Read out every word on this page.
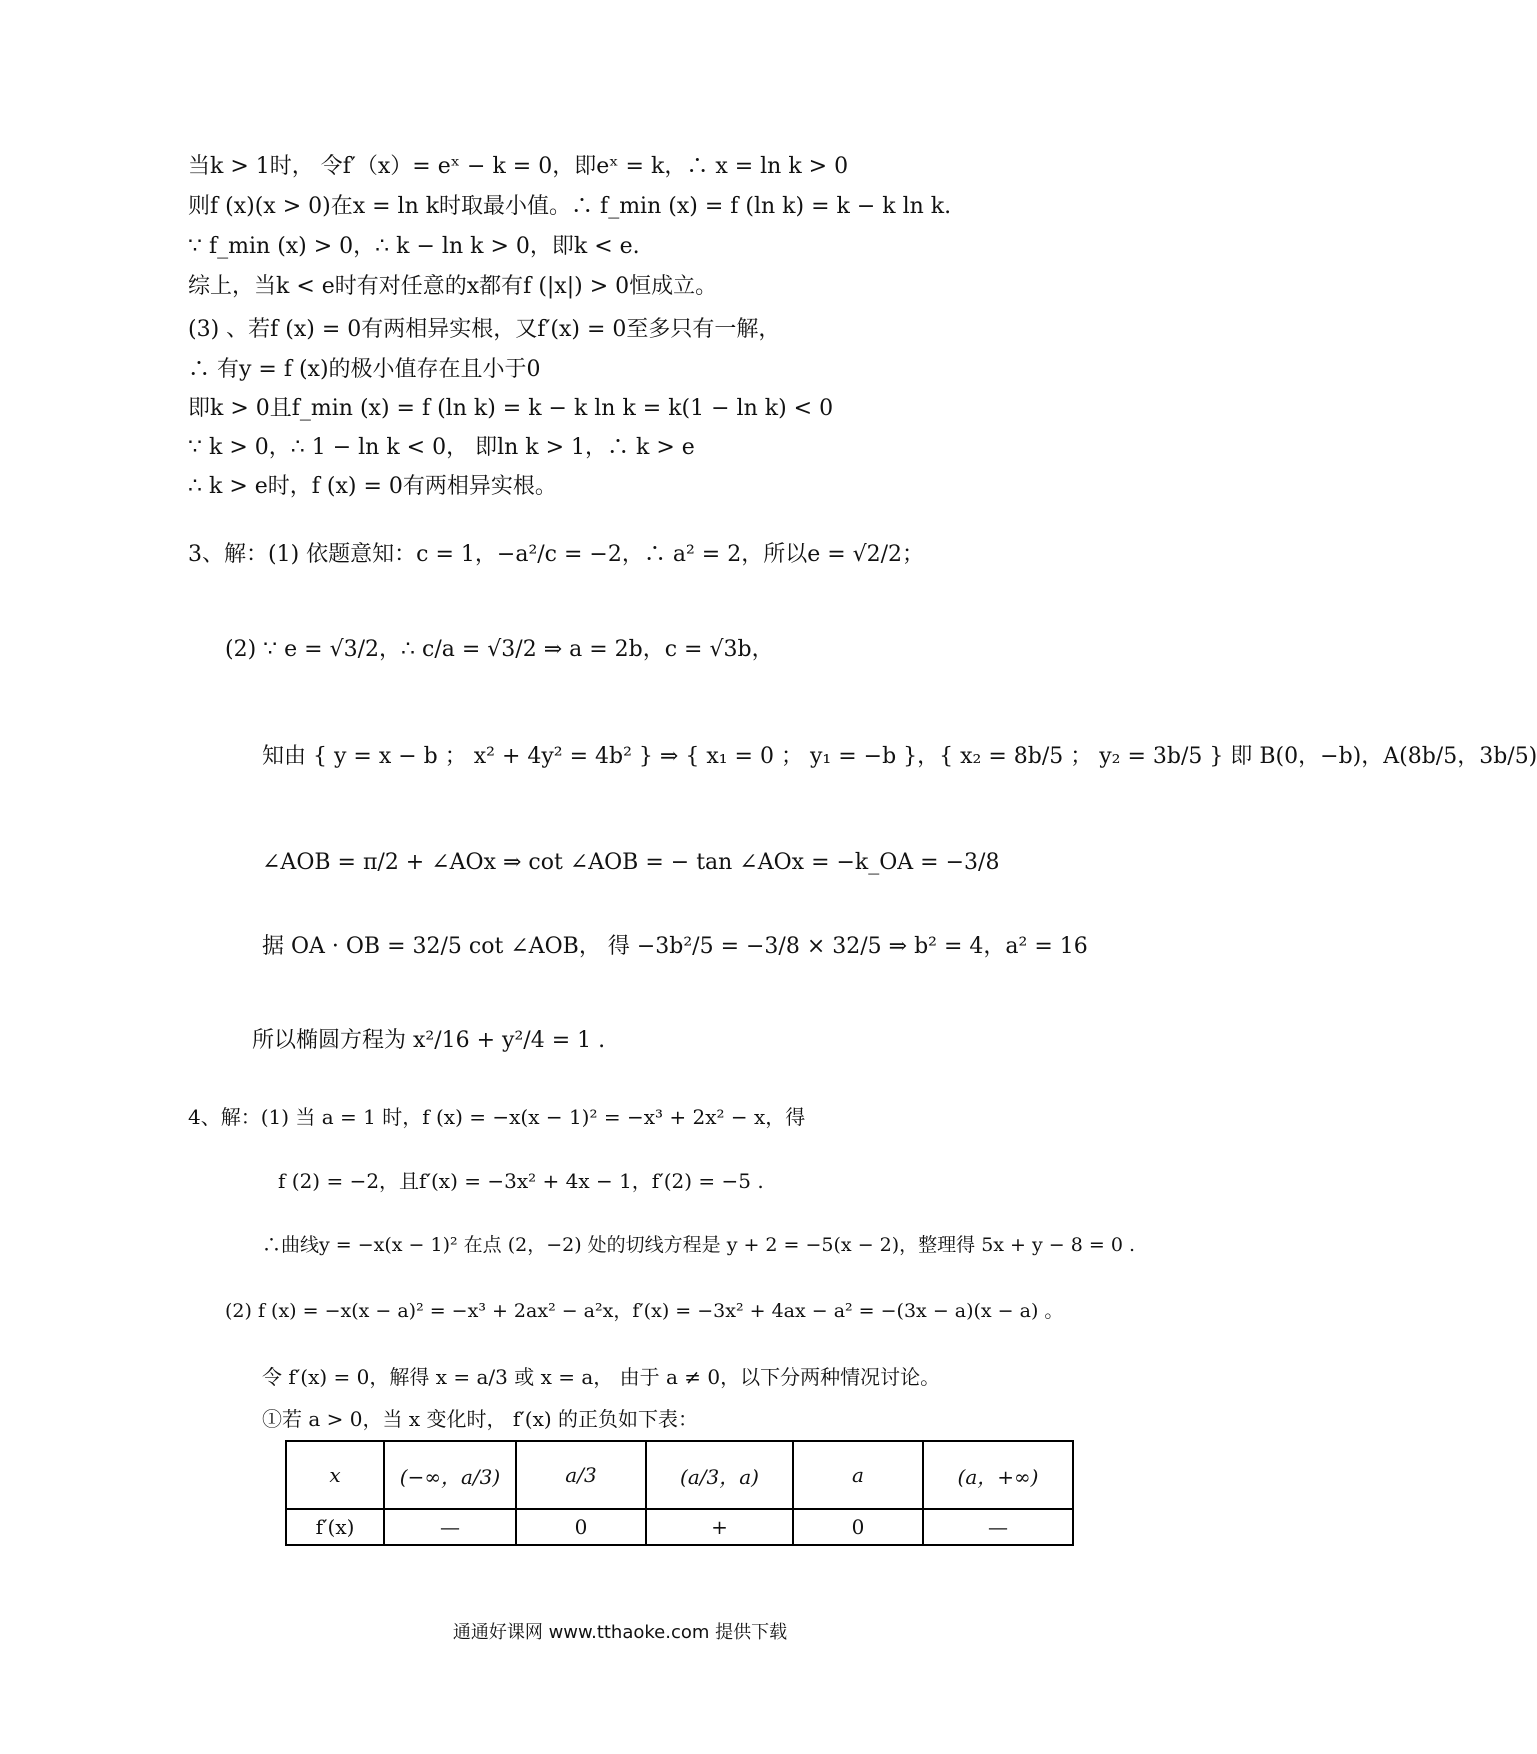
当k > 1时， 令f′（x）= eˣ − k = 0，即eˣ = k，∴ x = ln k > 0
则f (x)(x > 0)在x = ln k时取最小值。∴ f_min (x) = f (ln k) = k − k ln k.
∵ f_min (x) > 0，∴ k − ln k > 0，即k < e.
综上，当k < e时有对任意的x都有f (|x|) > 0恒成立。
(3) 、若f (x) = 0有两相异实根，又f′(x) = 0至多只有一解，
∴ 有y = f (x)的极小值存在且小于0
即k > 0且f_min (x) = f (ln k) = k − k ln k = k(1 − ln k) < 0
∵ k > 0，∴ 1 − ln k < 0， 即ln k > 1，∴ k > e
∴ k > e时，f (x) = 0有两相异实根。
3、解：(1) 依题意知：c = 1，−a²/c = −2，∴ a² = 2，所以e = √2/2；
(2) ∵ e = √3/2，∴ c/a = √3/2 ⇒ a = 2b，c = √3b，
知由 { y = x − b ； x² + 4y² = 4b² } ⇒ { x₁ = 0 ； y₁ = −b }，{ x₂ = 8b/5 ； y₂ = 3b/5 } 即 B(0，−b)，A(8b/5，3b/5)
∠AOB = π/2 + ∠AOx ⇒ cot ∠AOB = − tan ∠AOx = −k_OA = −3/8
据 OA · OB = 32/5 cot ∠AOB， 得 −3b²/5 = −3/8 × 32/5 ⇒ b² = 4，a² = 16
所以椭圆方程为 x²/16 + y²/4 = 1 .
4、解：(1) 当 a = 1 时，f (x) = −x(x − 1)² = −x³ + 2x² − x，得
f (2) = −2，且f′(x) = −3x² + 4x − 1，f′(2) = −5 .
∴曲线y = −x(x − 1)² 在点 (2，−2) 处的切线方程是 y + 2 = −5(x − 2)，整理得 5x + y − 8 = 0 .
(2) f (x) = −x(x − a)² = −x³ + 2ax² − a²x，f′(x) = −3x² + 4ax − a² = −(3x − a)(x − a) 。
令 f′(x) = 0，解得 x = a/3 或 x = a， 由于 a ≠ 0，以下分两种情况讨论。
①若 a > 0，当 x 变化时， f′(x) 的正负如下表：
x	(−∞，a/3)	a/3	(a/3，a)	a	(a，+∞)
f′(x)	—	0	+	0	—
通通好课网 www.tthaoke.com 提供下载
